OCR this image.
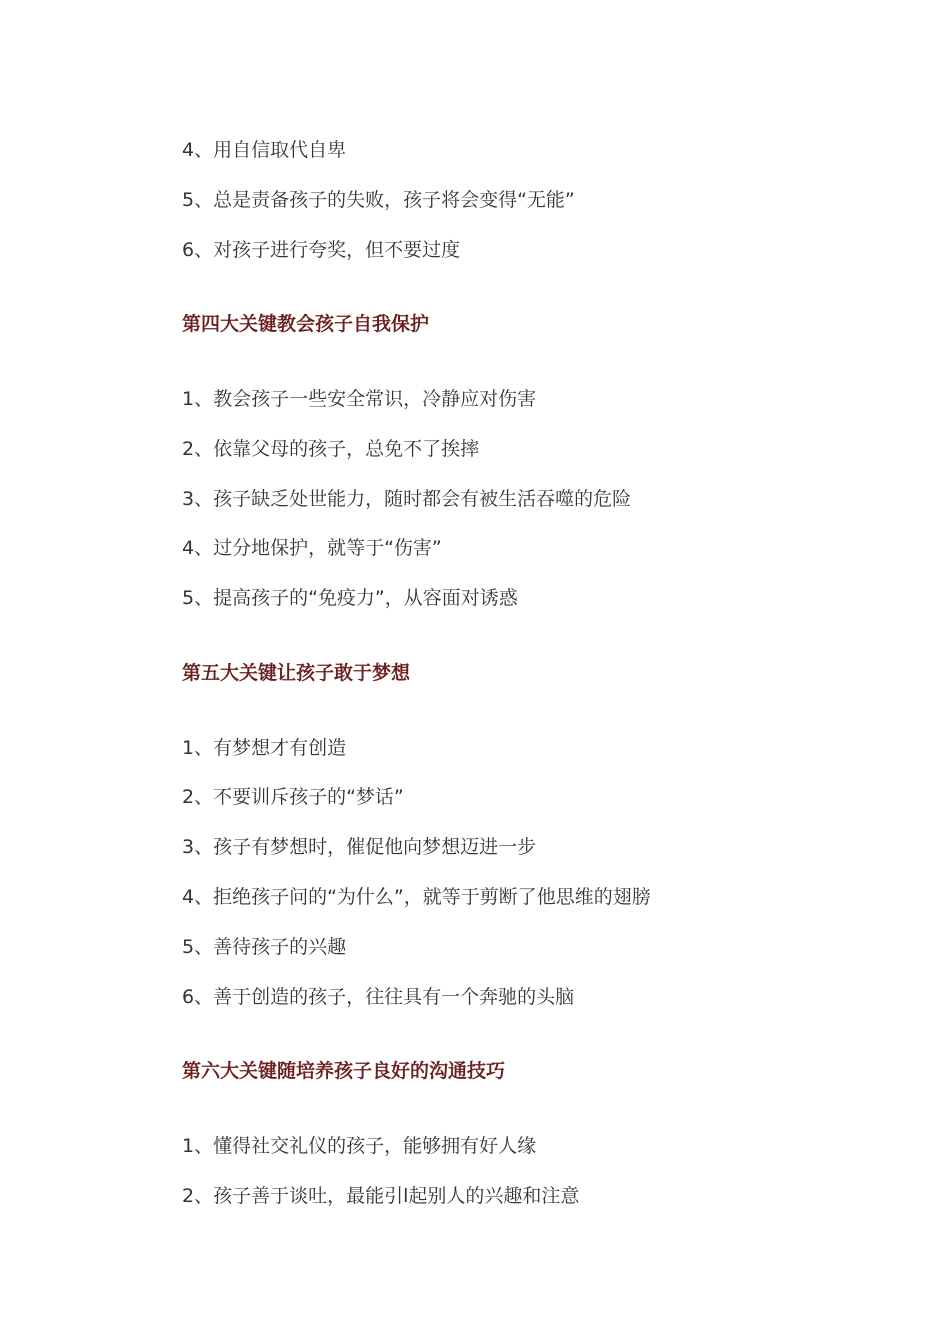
4、用自信取代自卑
5、总是责备孩子的失败，孩子将会变得“无能”
6、对孩子进行夸奖，但不要过度
第四大关键教会孩子自我保护
1、教会孩子一些安全常识，冷静应对伤害
2、依靠父母的孩子，总免不了挨摔
3、孩子缺乏处世能力，随时都会有被生活吞噬的危险
4、过分地保护，就等于“伤害”
5、提高孩子的“免疫力”，从容面对诱惑
第五大关键让孩子敢于梦想
1、有梦想才有创造
2、不要训斥孩子的“梦话”
3、孩子有梦想时，催促他向梦想迈进一步
4、拒绝孩子问的“为什么”，就等于剪断了他思维的翅膀
5、善待孩子的兴趣
6、善于创造的孩子，往往具有一个奔驰的头脑
第六大关键随培养孩子良好的沟通技巧
1、懂得社交礼仪的孩子，能够拥有好人缘
2、孩子善于谈吐，最能引l起别人的兴趣和注意
